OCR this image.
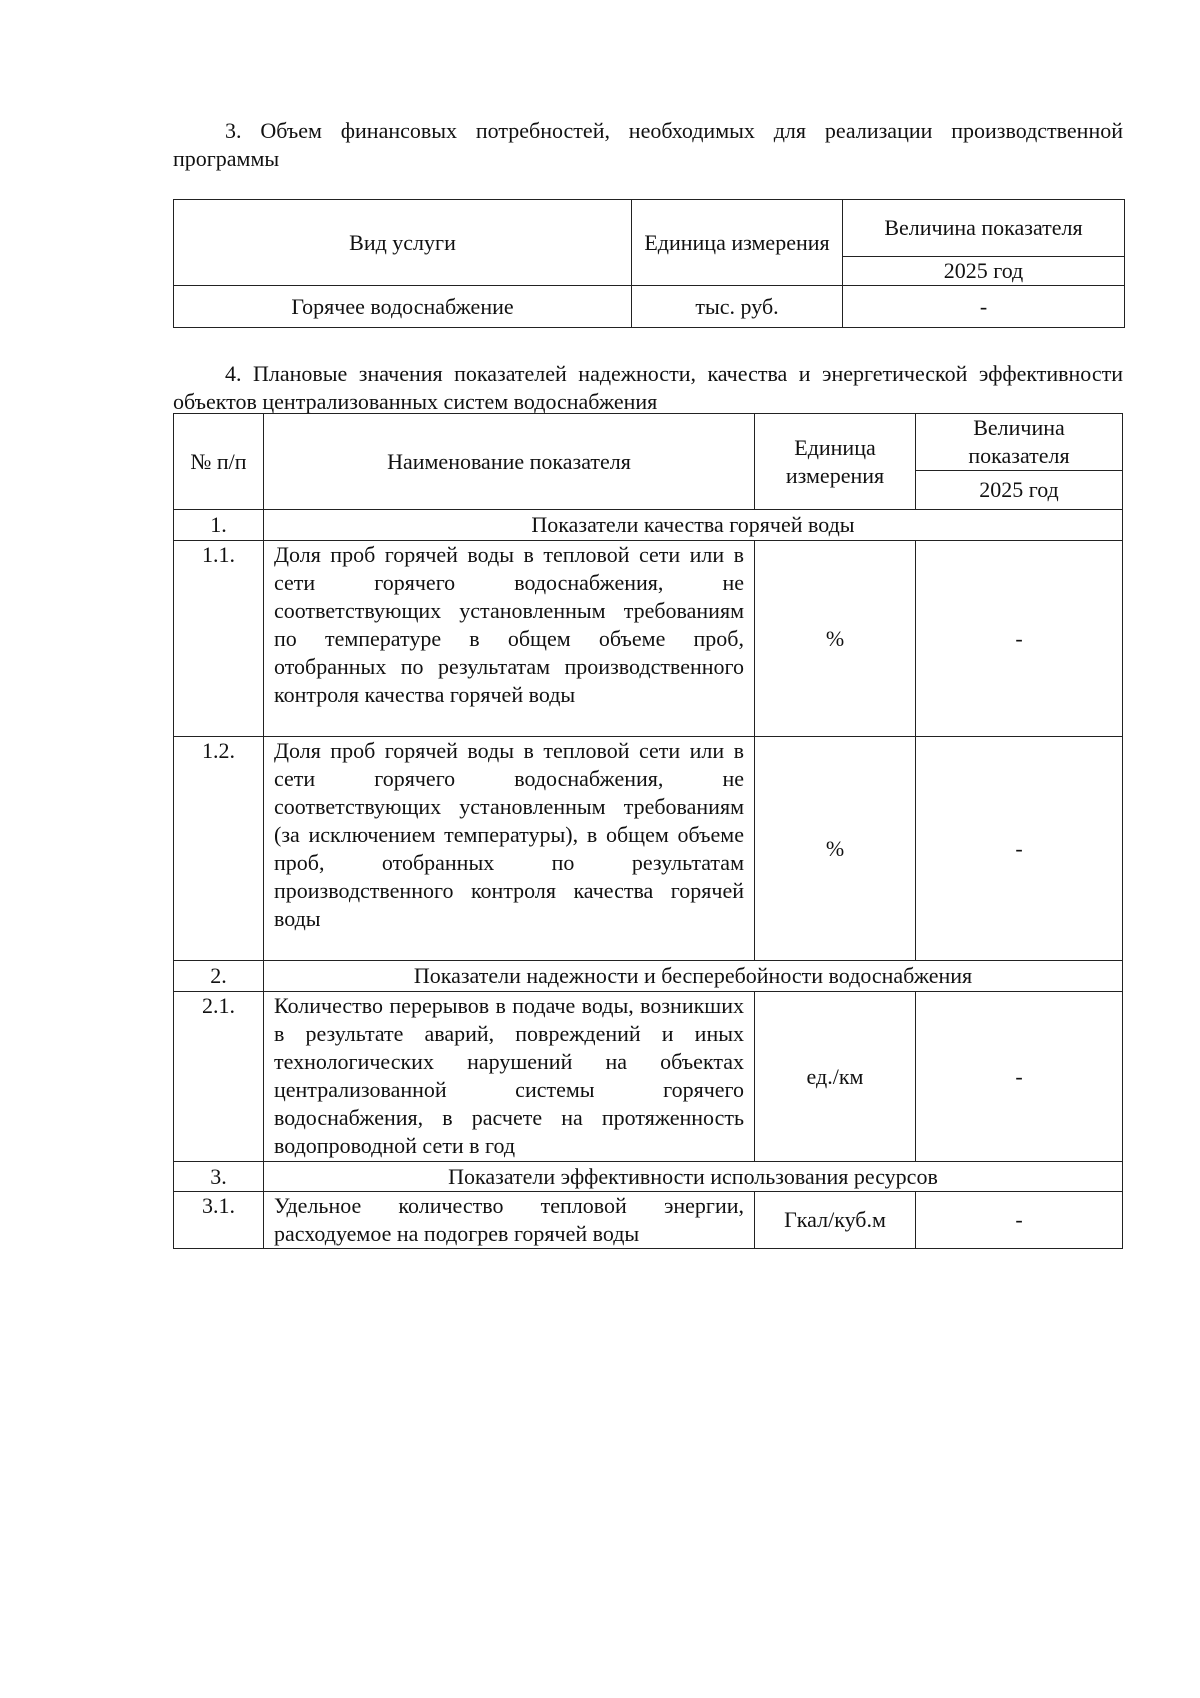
3. Объем финансовых потребностей, необходимых для реализации производственной программы
Вид услуги	Единица измерения	Величина показателя
		2025 год
Горячее водоснабжение	тыс. руб.	-
4. Плановые значения показателей надежности, качества и энергетической эффективности объектов централизованных систем водоснабжения
№ п/п	Наименование показателя	Единица измерения	Величина показателя
			2025 год
1.	Показатели качества горячей воды		
1.1.	Доля проб горячей воды в тепловой сети или в сети горячего водоснабжения, не соответствующих установленным требованиям по температуре в общем объеме проб, отобранных по результатам производственного контроля качества горячей воды	%	-
1.2.	Доля проб горячей воды в тепловой сети или в сети горячего водоснабжения, не соответствующих установленным требованиям (за исключением температуры), в общем объеме проб, отобранных по результатам производственного контроля качества горячей воды	%	-
2.	Показатели надежности и бесперебойности водоснабжения		
2.1.	Количество перерывов в подаче воды, возникших в результате аварий, повреждений и иных технологических нарушений на объектах централизованной системы горячего водоснабжения, в расчете на протяженность водопроводной сети в год	ед./км	-
3.	Показатели эффективности использования ресурсов		
3.1.	Удельное количество тепловой энергии, расходуемое на подогрев горячей воды	Гкал/куб.м	-
